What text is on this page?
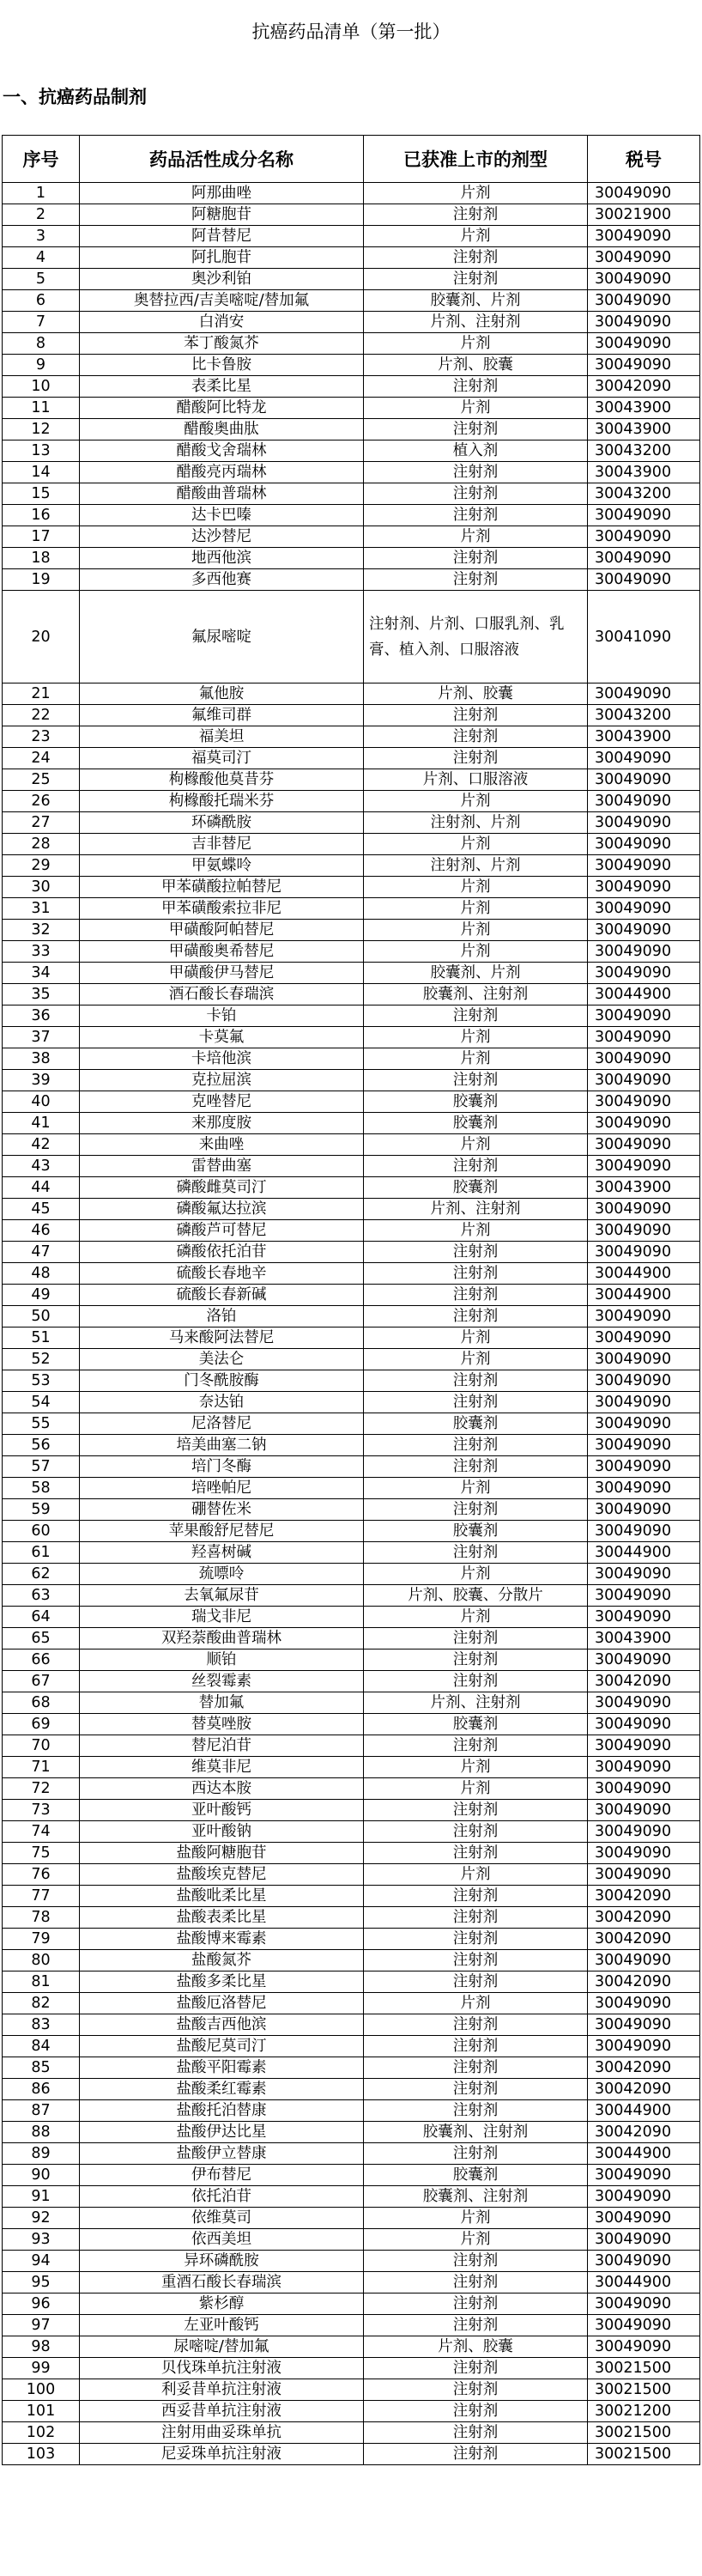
抗癌药品清单（第一批）
一、抗癌药品制剂
序号	药品活性成分名称	已获准上市的剂型	税号
1	阿那曲唑	片剂	30049090
2	阿糖胞苷	注射剂	30021900
3	阿昔替尼	片剂	30049090
4	阿扎胞苷	注射剂	30049090
5	奥沙利铂	注射剂	30049090
6	奥替拉西/吉美嘧啶/替加氟	胶囊剂、片剂	30049090
7	白消安	片剂、注射剂	30049090
8	苯丁酸氮芥	片剂	30049090
9	比卡鲁胺	片剂、胶囊	30049090
10	表柔比星	注射剂	30042090
11	醋酸阿比特龙	片剂	30043900
12	醋酸奥曲肽	注射剂	30043900
13	醋酸戈舍瑞林	植入剂	30043200
14	醋酸亮丙瑞林	注射剂	30043900
15	醋酸曲普瑞林	注射剂	30043200
16	达卡巴嗪	注射剂	30049090
17	达沙替尼	片剂	30049090
18	地西他滨	注射剂	30049090
19	多西他赛	注射剂	30049090
20	氟尿嘧啶	注射剂、片剂、口服乳剂、乳膏、植入剂、口服溶液	30041090
21	氟他胺	片剂、胶囊	30049090
22	氟维司群	注射剂	30043200
23	福美坦	注射剂	30043900
24	福莫司汀	注射剂	30049090
25	枸橼酸他莫昔芬	片剂、口服溶液	30049090
26	枸橼酸托瑞米芬	片剂	30049090
27	环磷酰胺	注射剂、片剂	30049090
28	吉非替尼	片剂	30049090
29	甲氨蝶呤	注射剂、片剂	30049090
30	甲苯磺酸拉帕替尼	片剂	30049090
31	甲苯磺酸索拉非尼	片剂	30049090
32	甲磺酸阿帕替尼	片剂	30049090
33	甲磺酸奥希替尼	片剂	30049090
34	甲磺酸伊马替尼	胶囊剂、片剂	30049090
35	酒石酸长春瑞滨	胶囊剂、注射剂	30044900
36	卡铂	注射剂	30049090
37	卡莫氟	片剂	30049090
38	卡培他滨	片剂	30049090
39	克拉屈滨	注射剂	30049090
40	克唑替尼	胶囊剂	30049090
41	来那度胺	胶囊剂	30049090
42	来曲唑	片剂	30049090
43	雷替曲塞	注射剂	30049090
44	磷酸雌莫司汀	胶囊剂	30043900
45	磷酸氟达拉滨	片剂、注射剂	30049090
46	磷酸芦可替尼	片剂	30049090
47	磷酸依托泊苷	注射剂	30049090
48	硫酸长春地辛	注射剂	30044900
49	硫酸长春新碱	注射剂	30044900
50	洛铂	注射剂	30049090
51	马来酸阿法替尼	片剂	30049090
52	美法仑	片剂	30049090
53	门冬酰胺酶	注射剂	30049090
54	奈达铂	注射剂	30049090
55	尼洛替尼	胶囊剂	30049090
56	培美曲塞二钠	注射剂	30049090
57	培门冬酶	注射剂	30049090
58	培唑帕尼	片剂	30049090
59	硼替佐米	注射剂	30049090
60	苹果酸舒尼替尼	胶囊剂	30049090
61	羟喜树碱	注射剂	30044900
62	巯嘌呤	片剂	30049090
63	去氧氟尿苷	片剂、胶囊、分散片	30049090
64	瑞戈非尼	片剂	30049090
65	双羟萘酸曲普瑞林	注射剂	30043900
66	顺铂	注射剂	30049090
67	丝裂霉素	注射剂	30042090
68	替加氟	片剂、注射剂	30049090
69	替莫唑胺	胶囊剂	30049090
70	替尼泊苷	注射剂	30049090
71	维莫非尼	片剂	30049090
72	西达本胺	片剂	30049090
73	亚叶酸钙	注射剂	30049090
74	亚叶酸钠	注射剂	30049090
75	盐酸阿糖胞苷	注射剂	30049090
76	盐酸埃克替尼	片剂	30049090
77	盐酸吡柔比星	注射剂	30042090
78	盐酸表柔比星	注射剂	30042090
79	盐酸博来霉素	注射剂	30042090
80	盐酸氮芥	注射剂	30049090
81	盐酸多柔比星	注射剂	30042090
82	盐酸厄洛替尼	片剂	30049090
83	盐酸吉西他滨	注射剂	30049090
84	盐酸尼莫司汀	注射剂	30049090
85	盐酸平阳霉素	注射剂	30042090
86	盐酸柔红霉素	注射剂	30042090
87	盐酸托泊替康	注射剂	30044900
88	盐酸伊达比星	胶囊剂、注射剂	30042090
89	盐酸伊立替康	注射剂	30044900
90	伊布替尼	胶囊剂	30049090
91	依托泊苷	胶囊剂、注射剂	30049090
92	依维莫司	片剂	30049090
93	依西美坦	片剂	30049090
94	异环磷酰胺	注射剂	30049090
95	重酒石酸长春瑞滨	注射剂	30044900
96	紫杉醇	注射剂	30049090
97	左亚叶酸钙	注射剂	30049090
98	尿嘧啶/替加氟	片剂、胶囊	30049090
99	贝伐珠单抗注射液	注射剂	30021500
100	利妥昔单抗注射液	注射剂	30021500
101	西妥昔单抗注射液	注射剂	30021200
102	注射用曲妥珠单抗	注射剂	30021500
103	尼妥珠单抗注射液	注射剂	30021500
